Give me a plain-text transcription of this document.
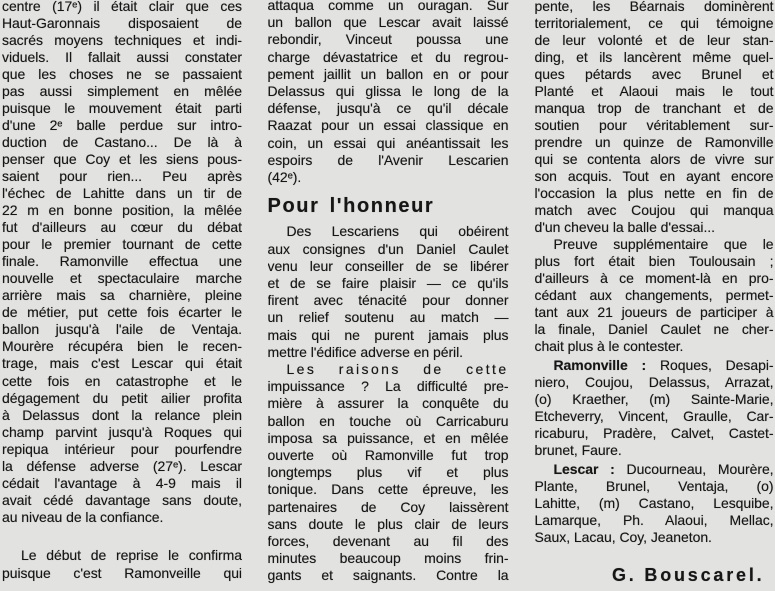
centre (17ᵉ) il était clair que ces
Haut-Garonnais disposaient de
sacrés moyens techniques et indi-
viduels. Il fallait aussi constater
que les choses ne se passaient
pas aussi simplement en mêlée
puisque le mouvement était parti
d'une 2ᵉ balle perdue sur intro-
duction de Castano... De là à
penser que Coy et les siens pous-
saient pour rien... Peu après
l'échec de Lahitte dans un tir de
22 m en bonne position, la mêlée
fut d'ailleurs au cœur du débat
pour le premier tournant de cette
finale. Ramonville effectua une
nouvelle et spectaculaire marche
arrière mais sa charnière, pleine
de métier, put cette fois écarter le
ballon jusqu'à l'aile de Ventaja.
Mourère récupéra bien le recen-
trage, mais c'est Lescar qui était
cette fois en catastrophe et le
dégagement du petit ailier profita
à Delassus dont la relance plein
champ parvint jusqu'à Roques qui
repiqua intérieur pour pourfendre
la défense adverse (27ᵉ). Lescar
cédait l'avantage à 4-9 mais il
avait cédé davantage sans doute,
au niveau de la confiance.
Le début de reprise le confirma
puisque c'est Ramonveille qui
attaqua comme un ouragan. Sur
un ballon que Lescar avait laissé
rebondir, Vinceut poussa une
charge dévastatrice et du regrou-
pement jaillit un ballon en or pour
Delassus qui glissa le long de la
défense, jusqu'à ce qu'il décale
Raazat pour un essai classique en
coin, un essai qui anéantissait les
espoirs de l'Avenir Lescarien
(42ᵉ).
Pour l'honneur
Des Lescariens qui obéirent
aux consignes d'un Daniel Caulet
venu leur conseiller de se libérer
et de se faire plaisir — ce qu'ils
firent avec ténacité pour donner
un relief soutenu au match —
mais qui ne purent jamais plus
mettre l'édifice adverse en péril.
Les raisons de cette
impuissance ? La difficulté pre-
mière à assurer la conquête du
ballon en touche où Carricaburu
imposa sa puissance, et en mêlée
ouverte où Ramonville fut trop
longtemps plus vif et plus
tonique. Dans cette épreuve, les
partenaires de Coy laissèrent
sans doute le plus clair de leurs
forces, devenant au fil des
minutes beaucoup moins frin-
gants et saignants. Contre la
pente, les Béarnais dominèrent
territorialement, ce qui témoigne
de leur volonté et de leur stan-
ding, et ils lancèrent même quel-
ques pétards avec Brunel et
Planté et Alaoui mais le tout
manqua trop de tranchant et de
soutien pour véritablement sur-
prendre un quinze de Ramonville
qui se contenta alors de vivre sur
son acquis. Tout en ayant encore
l'occasion la plus nette en fin de
match avec Coujou qui manqua
d'un cheveu la balle d'essai...
Preuve supplémentaire que le
plus fort était bien Toulousain ;
d'ailleurs à ce moment-là en pro-
cédant aux changements, permet-
tant aux 21 joueurs de participer à
la finale, Daniel Caulet ne cher-
chait plus à le contester.
Ramonville : Roques, Desapi-
niero, Coujou, Delassus, Arrazat,
(o) Kraether, (m) Sainte-Marie,
Etcheverry, Vincent, Graulle, Car-
ricaburu, Pradère, Calvet, Castet-
brunet, Faure.
Lescar : Ducourneau, Mourère,
Plante, Brunel, Ventaja, (o)
Lahitte, (m) Castano, Lesquibe,
Lamarque, Ph. Alaoui, Mellac,
Saux, Lacau, Coy, Jeaneton.
G. Bouscarel.
